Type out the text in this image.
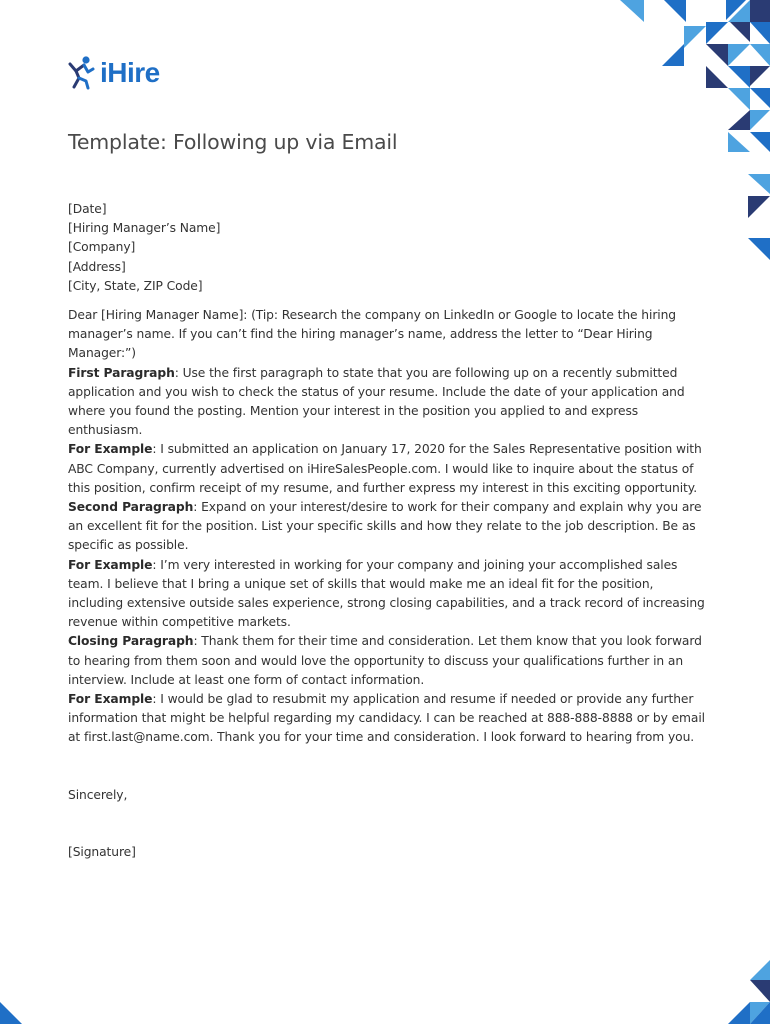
iHire
Template: Following up via Email

[Date]

[Hiring Manager’s Name]

[Company]

[Address]

[City, State, ZIP Code]

Dear [Hiring Manager Name]: (Tip: Research the company on LinkedIn or Google to locate the hiring manager’s name. If you can’t find the hiring manager’s name, address the letter to “Dear Hiring Manager:”)

First Paragraph: Use the first paragraph to state that you are following up on a recently submitted application and you wish to check the status of your resume. Include the date of your application and where you found the posting. Mention your interest in the position you applied to and express enthusiasm.

For Example: I submitted an application on January 17, 2020 for the Sales Representative position with ABC Company, currently advertised on iHireSalesPeople.com. I would like to inquire about the status of this position, confirm receipt of my resume, and further express my interest in this exciting opportunity.

Second Paragraph: Expand on your interest/desire to work for their company and explain why you are an excellent fit for the position. List your specific skills and how they relate to the job description. Be as specific as possible.

For Example: I’m very interested in working for your company and joining your accomplished sales team. I believe that I bring a unique set of skills that would make me an ideal fit for the position, including extensive outside sales experience, strong closing capabilities, and a track record of increasing revenue within competitive markets.

Closing Paragraph: Thank them for their time and consideration. Let them know that you look forward to hearing from them soon and would love the opportunity to discuss your qualifications further in an interview. Include at least one form of contact information.

For Example: I would be glad to resubmit my application and resume if needed or provide any further information that might be helpful regarding my candidacy. I can be reached at 888-888-8888 or by email at first.last@name.com. Thank you for your time and consideration. I look forward to hearing from you.

Sincerely,

[Signature]
